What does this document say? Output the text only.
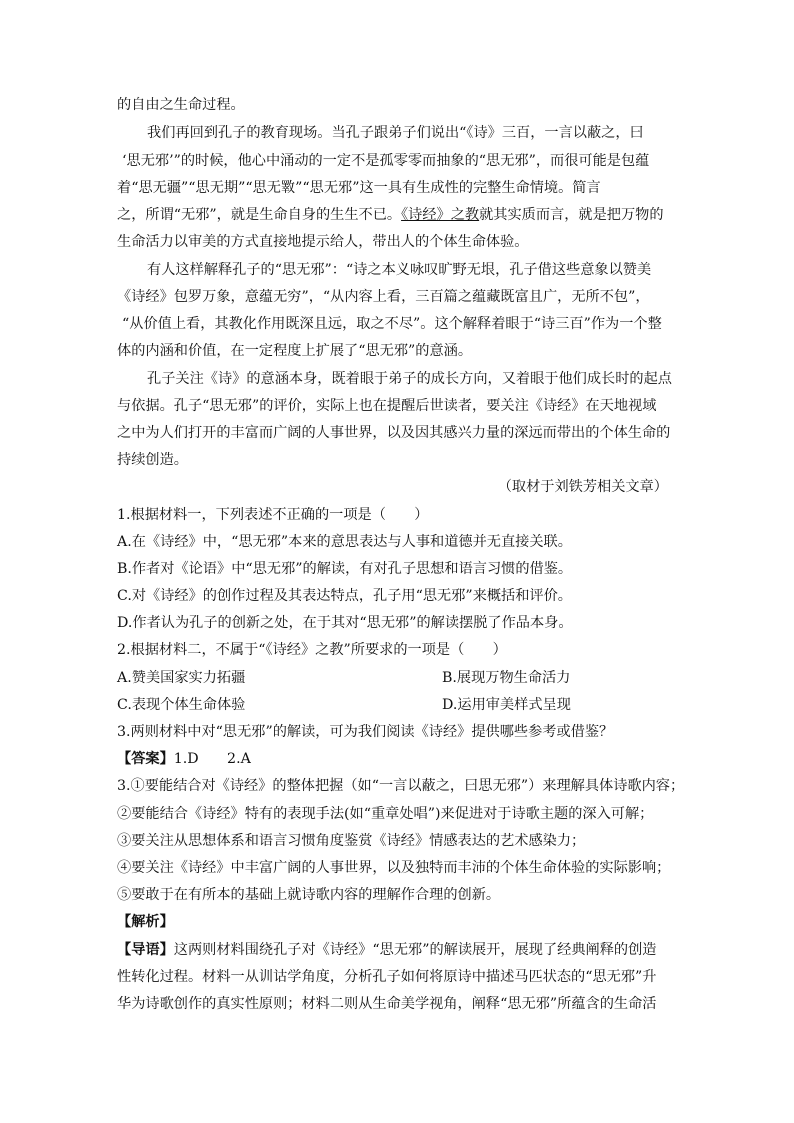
的自由之生命过程。
我们再回到孔子的教育现场。当孔子跟弟子们说出“《诗》三百，一言以蔽之，曰
‘思无邪’”的时候，他心中涌动的一定不是孤零零而抽象的“思无邪”，而很可能是包蕴
着“思无疆”“思无期”“思无斁”“思无邪”这一具有生成性的完整生命情境。简言
之，所谓“无邪”，就是生命自身的生生不已。《诗经》之教就其实质而言，就是把万物的
生命活力以审美的方式直接地提示给人，带出人的个体生命体验。
有人这样解释孔子的“思无邪”：“诗之本义咏叹旷野无垠，孔子借这些意象以赞美
《诗经》包罗万象，意蕴无穷”，“从内容上看，三百篇之蕴藏既富且广，无所不包”，
“从价值上看，其教化作用既深且远，取之不尽”。这个解释着眼于“诗三百”作为一个整
体的内涵和价值，在一定程度上扩展了“思无邪”的意涵。
孔子关注《诗》的意涵本身，既着眼于弟子的成长方向，又着眼于他们成长时的起点
与依据。孔子“思无邪”的评价，实际上也在提醒后世读者，要关注《诗经》在天地视域
之中为人们打开的丰富而广阔的人事世界，以及因其感兴力量的深远而带出的个体生命的
持续创造。
（取材于刘铁芳相关文章）
1.根据材料一，下列表述不正确的一项是（　　）
A.在《诗经》中，“思无邪”本来的意思表达与人事和道德并无直接关联。
B.作者对《论语》中“思无邪”的解读，有对孔子思想和语言习惯的借鉴。
C.对《诗经》的创作过程及其表达特点，孔子用“思无邪”来概括和评价。
D.作者认为孔子的创新之处，在于其对“思无邪”的解读摆脱了作品本身。
2.根据材料二，不属于“《诗经》之教”所要求的一项是（　　）
A.赞美国家实力拓疆	B.展现万物生命活力
C.表现个体生命体验	D.运用审美样式呈现
3.两则材料中对“思无邪”的解读，可为我们阅读《诗经》提供哪些参考或借鉴？
【答案】1.D　　2.A
3.①要能结合对《诗经》的整体把握（如“一言以蔽之，曰思无邪”）来理解具体诗歌内容；
②要能结合《诗经》特有的表现手法(如“重章处唱”)来促进对于诗歌主题的深入可解；
③要关注从思想体系和语言习惯角度鉴赏《诗经》情感表达的艺术感染力；
④要关注《诗经》中丰富广阔的人事世界，以及独特而丰沛的个体生命体验的实际影响；
⑤要敢于在有所本的基础上就诗歌内容的理解作合理的创新。
【解析】
【导语】这两则材料围绕孔子对《诗经》“思无邪”的解读展开，展现了经典阐释的创造
性转化过程。材料一从训诂学角度，分析孔子如何将原诗中描述马匹状态的“思无邪”升
华为诗歌创作的真实性原则；材料二则从生命美学视角，阐释“思无邪”所蕴含的生命活
